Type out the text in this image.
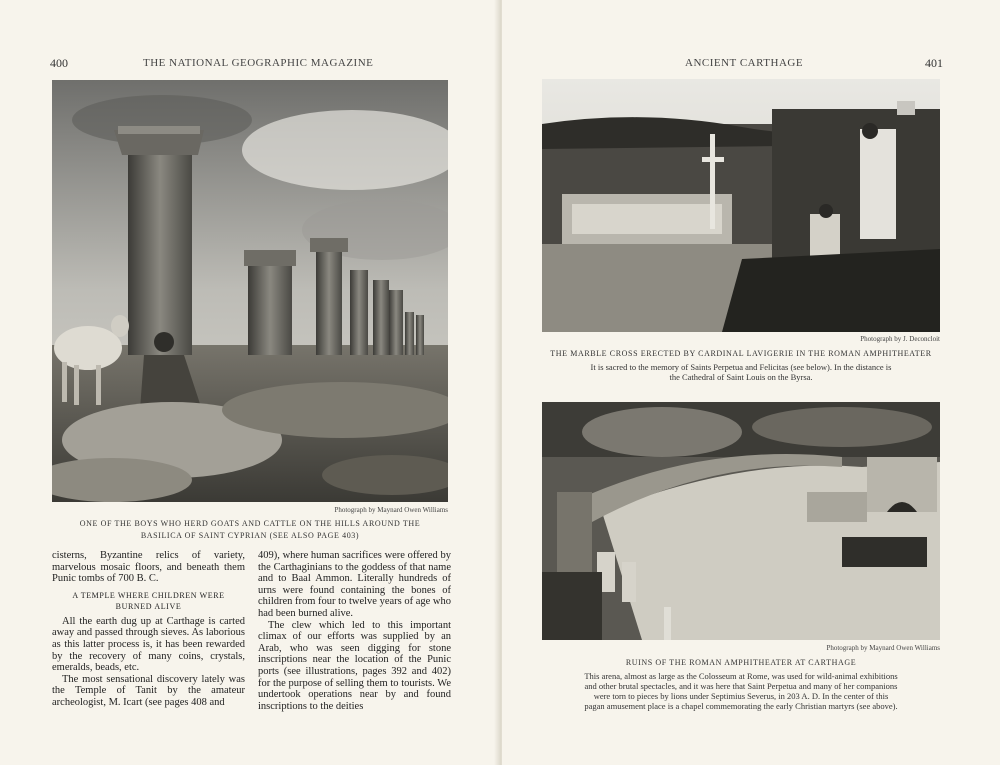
400	THE NATIONAL GEOGRAPHIC MAGAZINE
Photograph by Maynard Owen Williams
ONE OF THE BOYS WHO HERD GOATS AND CATTLE ON THE HILLS AROUND THE
BASILICA OF SAINT CYPRIAN (SEE ALSO PAGE 403)

cisterns, Byzantine relics of variety, marvelous mosaic floors, and beneath them Punic tombs of 700 B. C.

A TEMPLE WHERE CHILDREN WERE
BURNED ALIVE

All the earth dug up at Carthage is carted away and passed through sieves. As laborious as this latter process is, it has been rewarded by the recovery of many coins, crystals, emeralds, beads, etc.

The most sensational discovery lately was the Temple of Tanit by the amateur archeologist, M. Icart (see pages 408 and

409), where human sacrifices were offered by the Carthaginians to the goddess of that name and to Baal Ammon. Literally hundreds of urns were found containing the bones of children from four to twelve years of age who had been burned alive.

The clew which led to this important climax of our efforts was supplied by an Arab, who was seen digging for stone inscriptions near the location of the Punic ports (see illustrations, pages 392 and 402) for the purpose of selling them to tourists. We undertook operations near by and found inscriptions to the deities

ANCIENT CARTHAGE	401
Photograph by J. Deconcloit
THE MARBLE CROSS ERECTED BY CARDINAL LAVIGERIE IN THE ROMAN AMPHITHEATER
It is sacred to the memory of Saints Perpetua and Felicitas (see below). In the distance is
the Cathedral of Saint Louis on the Byrsa.
Photograph by Maynard Owen Williams
RUINS OF THE ROMAN AMPHITHEATER AT CARTHAGE
This arena, almost as large as the Colosseum at Rome, was used for wild-animal exhibitions
and other brutal spectacles, and it was here that Saint Perpetua and many of her companions
were torn to pieces by lions under Septimius Severus, in 203 A. D. In the center of this
pagan amusement place is a chapel commemorating the early Christian martyrs (see above).
